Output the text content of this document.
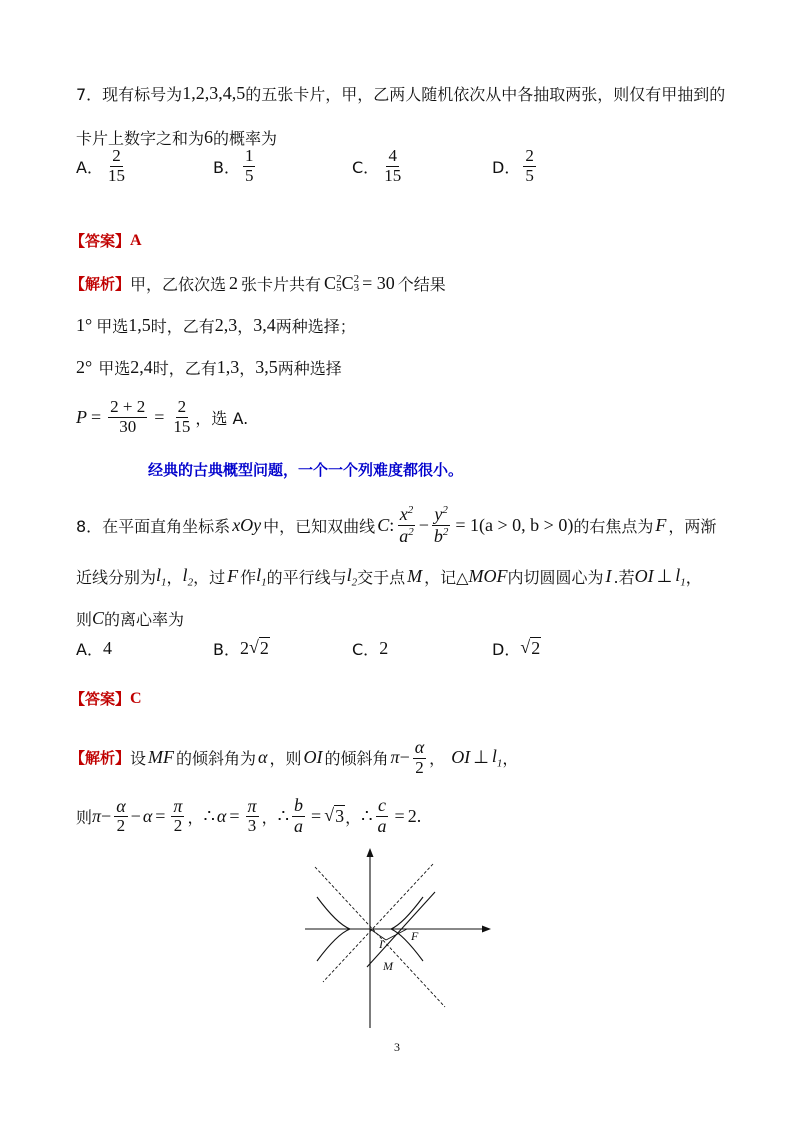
7．现有标号为 1,2,3,4,5 的五张卡片，甲，乙两人随机依次从中各抽取两张，则仅有甲抽到的
卡片上数字之和为 6 的概率为
A． $\frac{2}{15}$	B． $\frac{1}{5}$	C． $\frac{4}{15}$	D． $\frac{2}{5}$
【答案】 A
【解析】 甲，乙依次选 2 张卡片共有 C 2
5 C 2
3 = 30 个结果
1° 甲选 1,5 时，乙有 2,3 ， 3,4 两种选择；
2° 甲选 2,4 时，乙有 1,3 ， 3,5 两种选择
$P = \frac{2 + 2}{30} = \frac{2}{15}$ ，选 A.
经典的古典概型问题，一个一个列难度都很小。
8．在平面直角坐标系 xOy 中，已知双曲线 C : $\frac{x^2}{a^2} - \frac{y^2}{b^2} = 1(a > 0$, b > 0) 的右焦点为 F ，两渐
近线分别为 $l_1$ ， $l_2$ ，过 F 作 $l_1$ 的平行线与 $l_2$ 交于点 M ，记△ MOF 内切圆圆心为 I .若 OI ⊥ $l_1$ ，
则 C 的离心率为
A． 4	B． 2 √ 2	C． 2	D． √ 2
【答案】 C
【解析】 设 MF 的倾斜角为 α ，则 OI 的倾斜角 $\pi - \frac{\alpha}{2}$ ， OI ⊥ $l_1$ ，
则 $\pi - \frac{\alpha}{2} - \alpha = \frac{\pi}{2}$ ， ∴ $\alpha = \frac{\pi}{3}$ ， ∴ $\frac{b}{a}$ = √ 3 ， ∴ $\frac{c}{a} = 2$ .
F
I
M
3
